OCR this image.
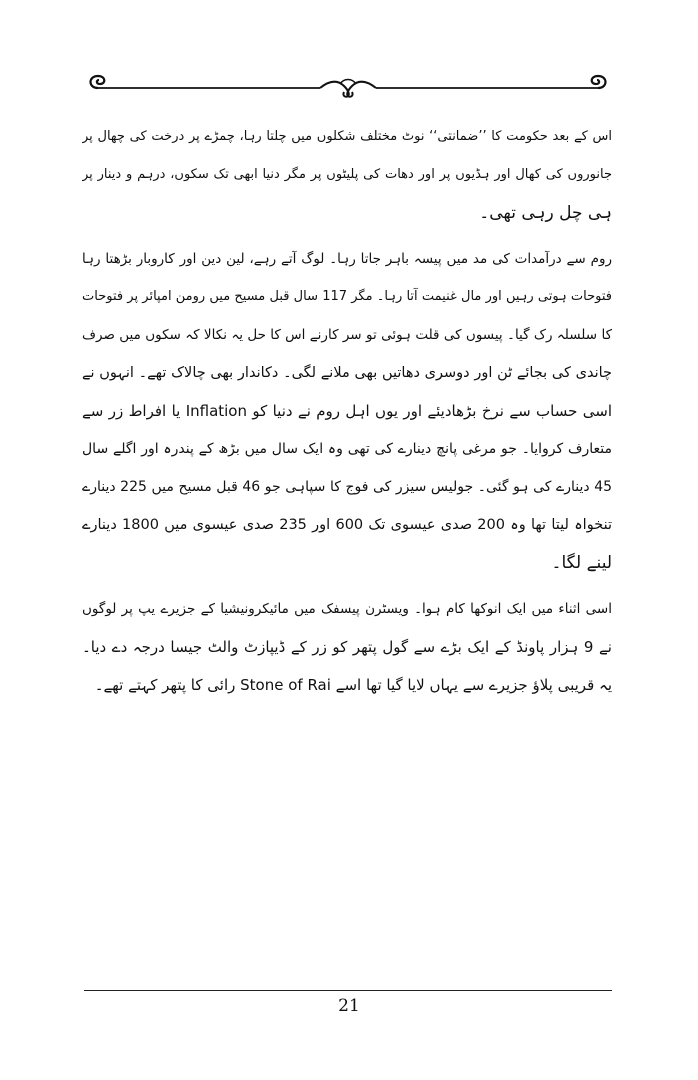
اس کے بعد حکومت کا ’’ضمانتی‘‘ نوٹ مختلف شکلوں میں چلتا رہا، چمڑے پر درخت کی چھال پر
جانوروں کی کھال اور ہڈیوں پر اور دھات کی پلیٹوں پر مگر دنیا ابھی تک سکوں، درہم و دینار پر
ہی چل رہی تھی۔
روم سے درآمدات کی مد میں پیسہ باہر جاتا رہا۔ لوگ آتے رہے، لین دین اور کاروبار بڑھتا رہا
فتوحات ہوتی رہیں اور مال غنیمت آتا رہا۔ مگر 117 سال قبل مسیح میں رومن امپائر پر فتوحات
کا سلسلہ رک گیا۔ پیسوں کی قلت ہوئی تو سر کارنے اس کا حل یہ نکالا کہ سکوں میں صرف
چاندی کی بجائے ٹن اور دوسری دھاتیں بھی ملانے لگی۔ دکاندار بھی چالاک تھے۔ انہوں نے
اسی حساب سے نرخ بڑھادیئے اور یوں اہل روم نے دنیا کو Inflation یا افراط زر سے
متعارف کروایا۔ جو مرغی پانچ دینارے کی تھی وہ ایک سال میں بڑھ کے پندرہ اور اگلے سال
45 دینارے کی ہو گئی۔ جولیس سیزر کی فوج کا سپاہی جو 46 قبل مسیح میں 225 دینارے
تنخواہ لیتا تھا وہ 200 صدی عیسوی تک 600 اور 235 صدی عیسوی میں 1800 دینارے
لینے لگا۔
اسی اثناء میں ایک انوکھا کام ہوا۔ ویسٹرن پیسفک میں مائیکرونیشیا کے جزیرے یپ پر لوگوں
نے 9 ہزار پاونڈ کے ایک بڑے سے گول پتھر کو زر کے ڈیپازٹ والٹ جیسا درجہ دے دیا۔
یہ قریبی پلاؤ جزیرے سے یہاں لایا گیا تھا اسے Stone of Rai رائی کا پتھر کہتے تھے۔
21
